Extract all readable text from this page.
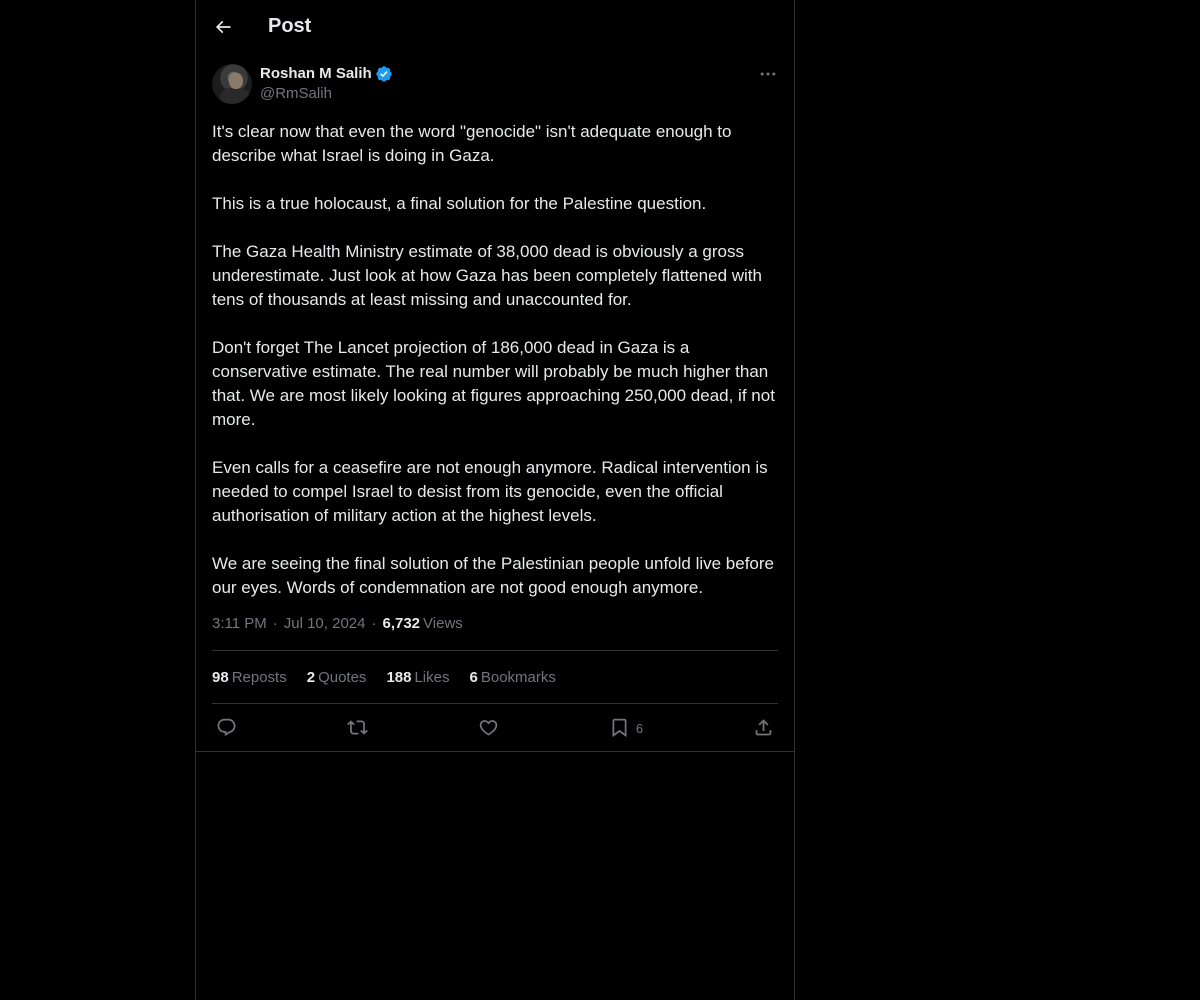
Post
Roshan M Salih
@RmSalih

It's clear now that even the word "genocide" isn't adequate enough to describe what Israel is doing in Gaza.

This is a true holocaust, a final solution for the Palestine question.

The Gaza Health Ministry estimate of 38,000 dead is obviously a gross underestimate. Just look at how Gaza has been completely flattened with tens of thousands at least missing and unaccounted for.

Don't forget The Lancet projection of 186,000 dead in Gaza is a conservative estimate. The real number will probably be much higher than that. We are most likely looking at figures approaching 250,000 dead, if not more.

Even calls for a ceasefire are not enough anymore. Radical intervention is needed to compel Israel to desist from its genocide, even the official authorisation of military action at the highest levels.

We are seeing the final solution of the Palestinian people unfold live before our eyes. Words of condemnation are not good enough anymore.

3:11 PM · Jul 10, 2024 · 6,732 Views
98 Reposts 2 Quotes 188 Likes 6 Bookmarks
6
